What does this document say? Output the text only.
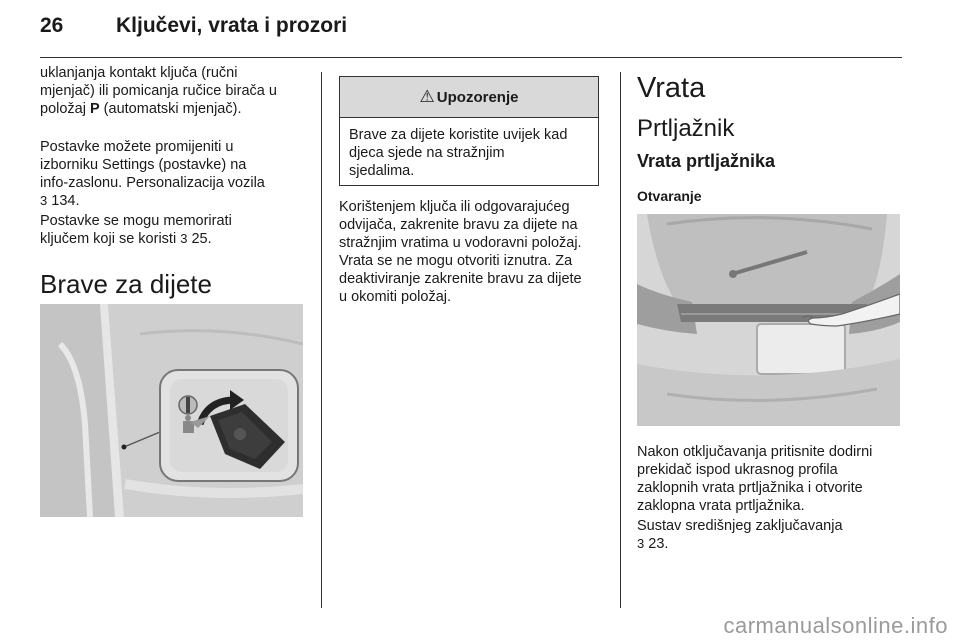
26	Ključevi, vrata i prozori

uklanjanja kontakt ključa (ručni
mjenjač) ili pomicanja ručice birača u
položaj P (automatski mjenjač).

Postavke možete promijeniti u
izborniku Settings (postavke) na
info-zaslonu. Personalizacija vozila
3 134.

Postavke se mogu memorirati
ključem koji se koristi 3 25.

Brave za dijete
⚠ Upozorenje
Brave za dijete koristite uvijek kad
djeca sjede na stražnjim
sjedalima.

Korištenjem ključa ili odgovarajućeg
odvijača, zakrenite bravu za dijete na
stražnjim vratima u vodoravni položaj.
Vrata se ne mogu otvoriti iznutra. Za
deaktiviranje zakrenite bravu za dijete
u okomiti položaj.

Vrata
Prtljažnik
Vrata prtljažnika
Otvaranje

Nakon otključavanja pritisnite dodirni
prekidač ispod ukrasnog profila
zaklopnih vrata prtljažnika i otvorite
zaklopna vrata prtljažnika.

Sustav središnjeg zaključavanja
3 23.

carmanualsonline.info
